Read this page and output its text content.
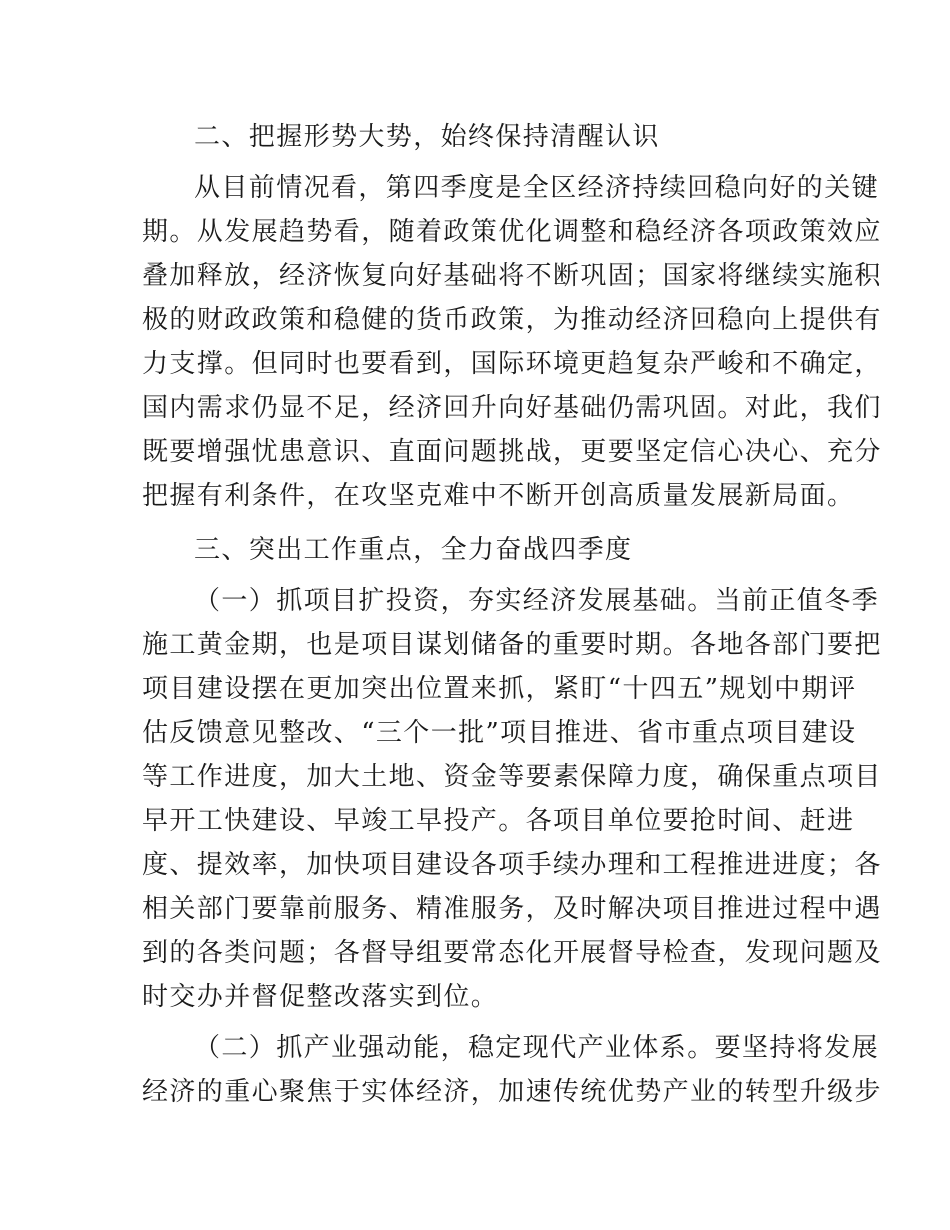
二、把握形势大势，始终保持清醒认识
从目前情况看，第四季度是全区经济持续回稳向好的关键
期。从发展趋势看，随着政策优化调整和稳经济各项政策效应
叠加释放，经济恢复向好基础将不断巩固；国家将继续实施积
极的财政政策和稳健的货币政策，为推动经济回稳向上提供有
力支撑。但同时也要看到，国际环境更趋复杂严峻和不确定，
国内需求仍显不足，经济回升向好基础仍需巩固。对此，我们
既要增强忧患意识、直面问题挑战，更要坚定信心决心、充分
把握有利条件，在攻坚克难中不断开创高质量发展新局面。
三、突出工作重点，全力奋战四季度
（一）抓项目扩投资，夯实经济发展基础。当前正值冬季
施工黄金期，也是项目谋划储备的重要时期。各地各部门要把
项目建设摆在更加突出位置来抓，紧盯“十四五”规划中期评
估反馈意见整改、“三个一批”项目推进、省市重点项目建设
等工作进度，加大土地、资金等要素保障力度，确保重点项目
早开工快建设、早竣工早投产。各项目单位要抢时间、赶进
度、提效率，加快项目建设各项手续办理和工程推进进度；各
相关部门要靠前服务、精准服务，及时解决项目推进过程中遇
到的各类问题；各督导组要常态化开展督导检查，发现问题及
时交办并督促整改落实到位。
（二）抓产业强动能，稳定现代产业体系。要坚持将发展
经济的重心聚焦于实体经济，加速传统优势产业的转型升级步
